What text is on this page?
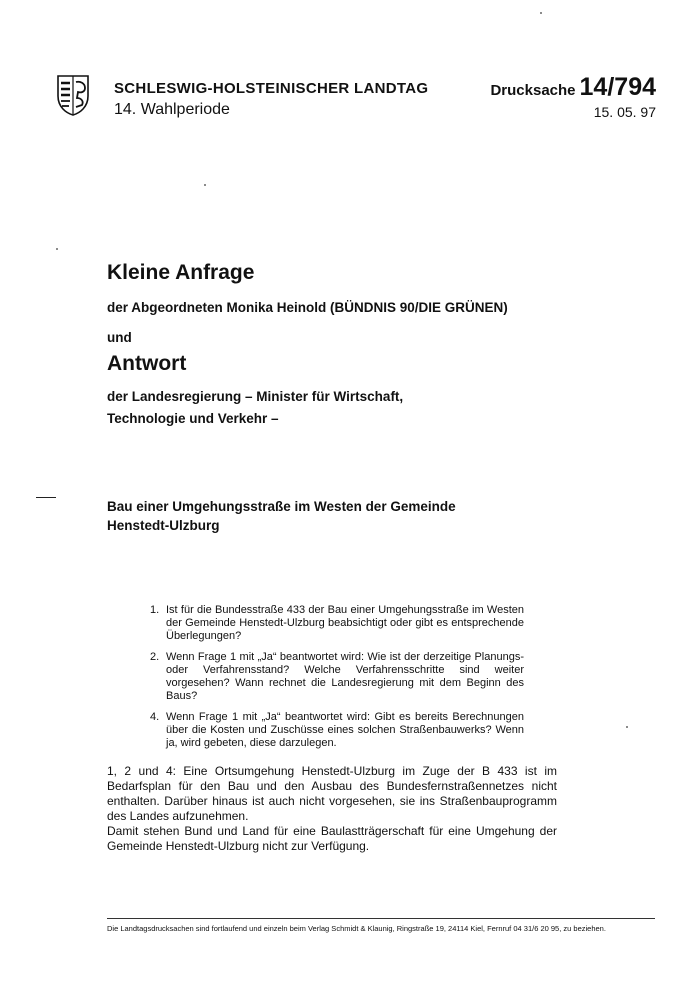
SCHLESWIG-HOLSTEINISCHER LANDTAG
14. Wahlperiode
Drucksache 14/794
15. 05. 97
Kleine Anfrage
der Abgeordneten Monika Heinold (BÜNDNIS 90/DIE GRÜNEN)
und
Antwort
der Landesregierung – Minister für Wirtschaft,
Technologie und Verkehr –
Bau einer Umgehungsstraße im Westen der Gemeinde
Henstedt-Ulzburg
1. Ist für die Bundesstraße 433 der Bau einer Umgehungsstraße im Westen der Gemeinde Henstedt-Ulzburg beabsichtigt oder gibt es entsprechende Überlegungen?
2. Wenn Frage 1 mit „Ja“ beantwortet wird: Wie ist der derzeitige Planungs- oder Verfahrensstand? Welche Verfahrensschritte sind weiter vorgesehen? Wann rechnet die Landesregierung mit dem Beginn des Baus?
4. Wenn Frage 1 mit „Ja“ beantwortet wird: Gibt es bereits Berechnungen über die Kosten und Zuschüsse eines solchen Straßenbauwerks? Wenn ja, wird gebeten, diese darzulegen.

1, 2 und 4: Eine Ortsumgehung Henstedt-Ulzburg im Zuge der B 433 ist im Bedarfsplan für den Bau und den Ausbau des Bundesfernstraßennetzes nicht enthalten. Darüber hinaus ist auch nicht vorgesehen, sie ins Straßenbauprogramm des Landes aufzunehmen.

Damit stehen Bund und Land für eine Baulastträgerschaft für eine Umgehung der Gemeinde Henstedt-Ulzburg nicht zur Verfügung.

Die Landtagsdrucksachen sind fortlaufend und einzeln beim Verlag Schmidt & Klaunig, Ringstraße 19, 24114 Kiel, Fernruf 04 31/6 20 95, zu beziehen.
